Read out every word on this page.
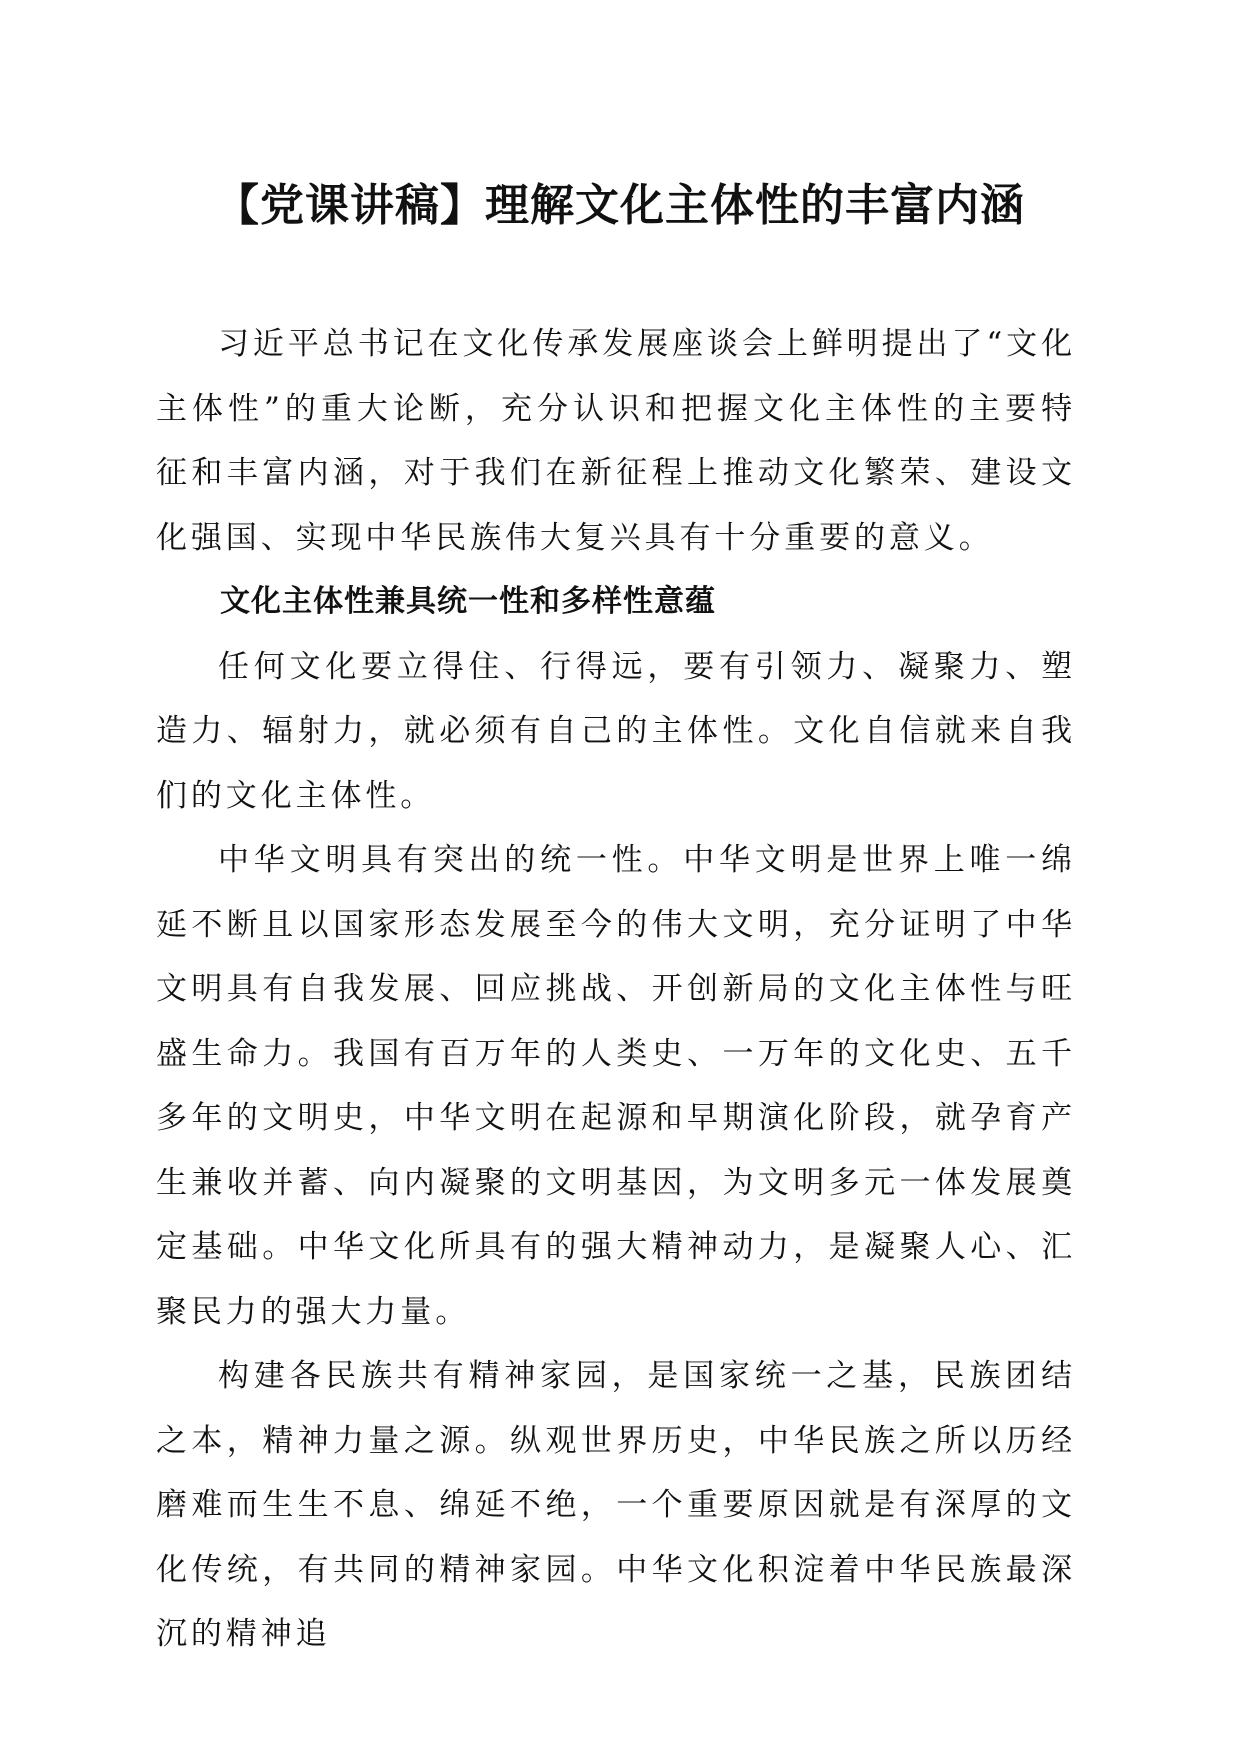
【党课讲稿】理解文化主体性的丰富内涵

习近平总书记在文化传承发展座谈会上鲜明提出了“文化主体性”的重大论断，充分认识和把握文化主体性的主要特征和丰富内涵，对于我们在新征程上推动文化繁荣、建设文化强国、实现中华民族伟大复兴具有十分重要的意义。

文化主体性兼具统一性和多样性意蕴

任何文化要立得住、行得远，要有引领力、凝聚力、塑造力、辐射力，就必须有自己的主体性。文化自信就来自我们的文化主体性。

中华文明具有突出的统一性。中华文明是世界上唯一绵延不断且以国家形态发展至今的伟大文明，充分证明了中华文明具有自我发展、回应挑战、开创新局的文化主体性与旺盛生命力。我国有百万年的人类史、一万年的文化史、五千多年的文明史，中华文明在起源和早期演化阶段，就孕育产生兼收并蓄、向内凝聚的文明基因，为文明多元一体发展奠定基础。中华文化所具有的强大精神动力，是凝聚人心、汇聚民力的强大力量。

构建各民族共有精神家园，是国家统一之基，民族团结之本，精神力量之源。纵观世界历史，中华民族之所以历经磨难而生生不息、绵延不绝，一个重要原因就是有深厚的文化传统，有共同的精神家园。中华文化积淀着中华民族最深沉的精神追
